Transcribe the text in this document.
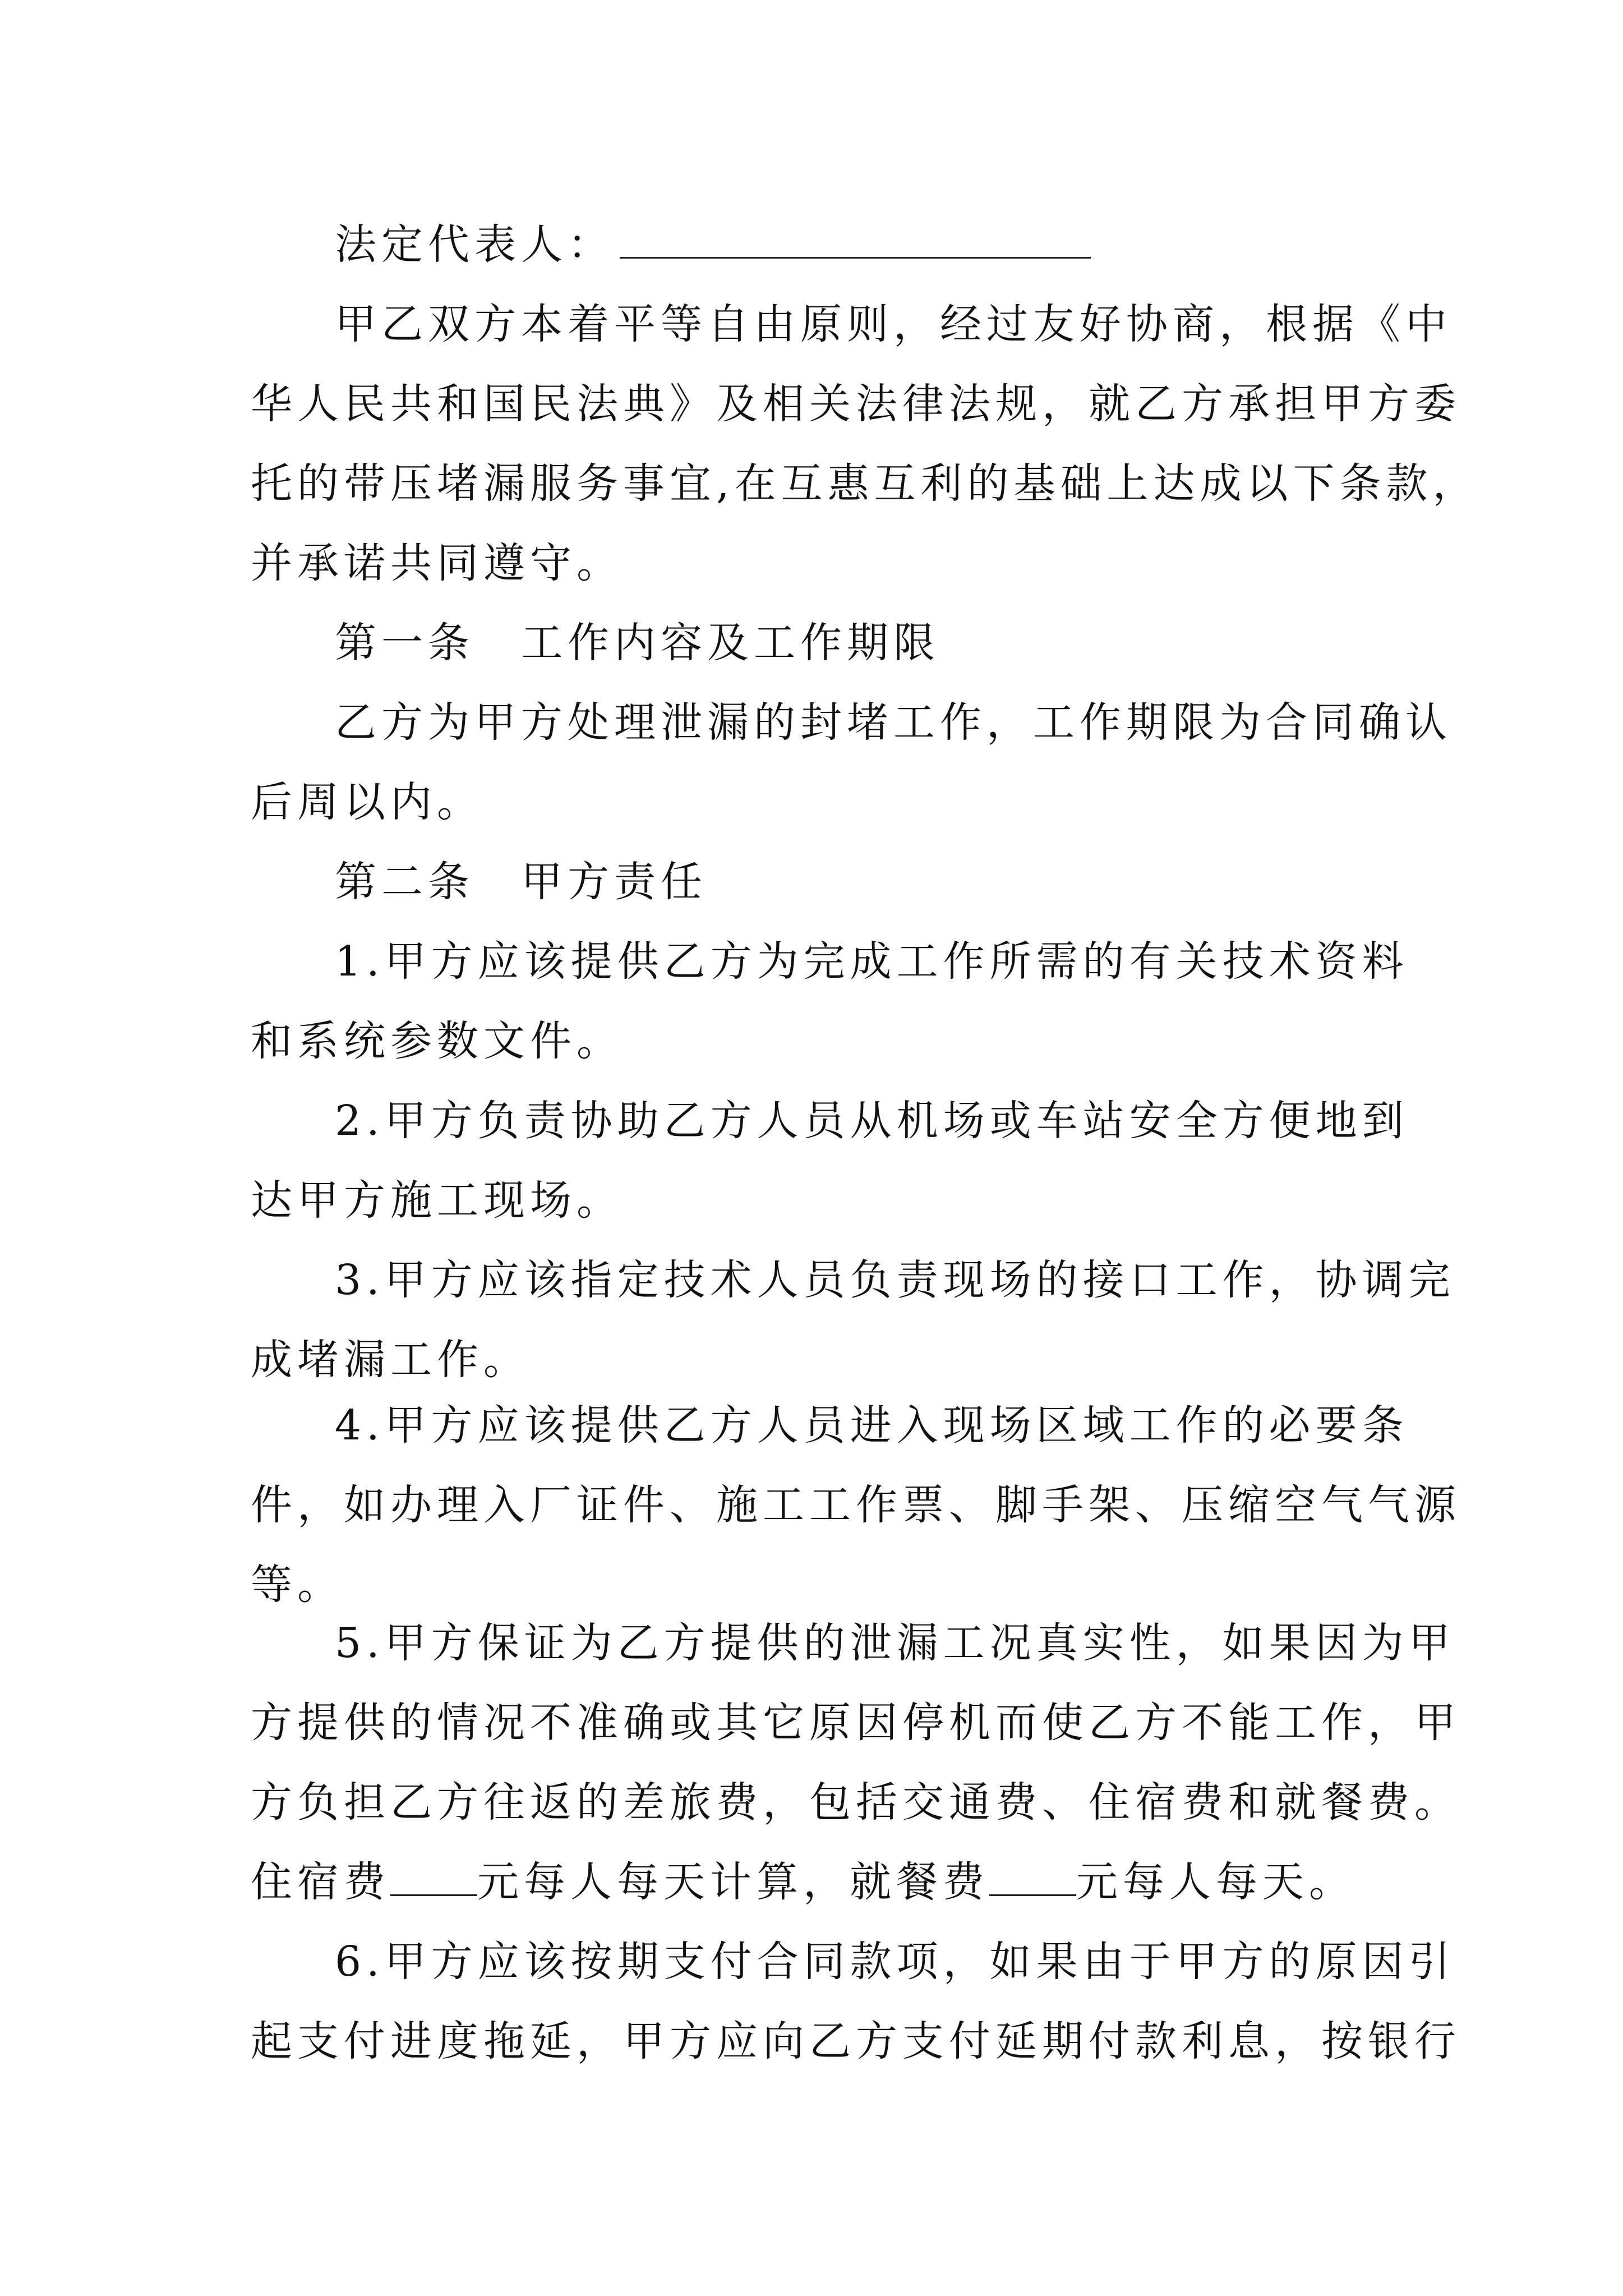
法定代表人：

甲乙双方本着平等自由原则，经过友好协商，根据《中
华人民共和国民法典》及相关法律法规，就乙方承担甲方委
托的带压堵漏服务事宜,在互惠互利的基础上达成以下条款，
并承诺共同遵守。
第一条　工作内容及工作期限
乙方为甲方处理泄漏的封堵工作，工作期限为合同确认
后周以内。
第二条　甲方责任
1.甲方应该提供乙方为完成工作所需的有关技术资料
和系统参数文件。
2.甲方负责协助乙方人员从机场或车站安全方便地到
达甲方施工现场。
3.甲方应该指定技术人员负责现场的接口工作，协调完
成堵漏工作。
4.甲方应该提供乙方人员进入现场区域工作的必要条
件，如办理入厂证件、施工工作票、脚手架、压缩空气气源
等。
5.甲方保证为乙方提供的泄漏工况真实性，如果因为甲
方提供的情况不准确或其它原因停机而使乙方不能工作，甲
方负担乙方往返的差旅费，包括交通费、住宿费和就餐费。
住宿费 元每人每天计算，就餐费 元每人每天。
6.甲方应该按期支付合同款项，如果由于甲方的原因引
起支付进度拖延，甲方应向乙方支付延期付款利息，按银行
